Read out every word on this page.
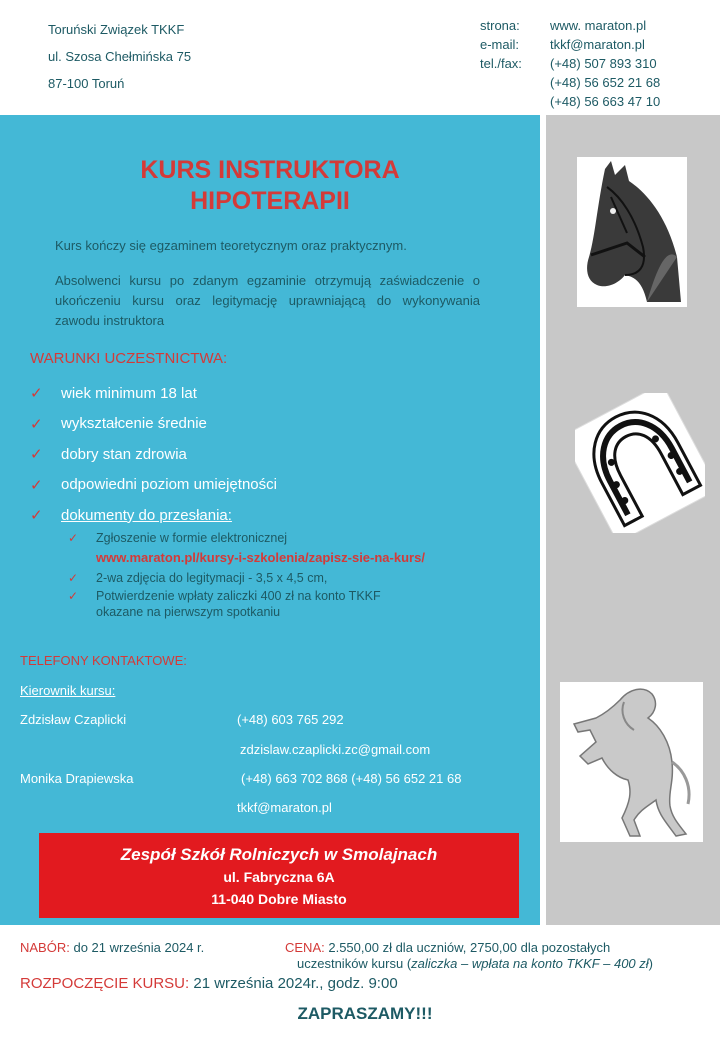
Toruński Związek TKKF
ul. Szosa Chełmińska 75
87-100 Toruń
strona:	www. maraton.pl
e-mail:	tkkf@maraton.pl
tel./fax:	(+48) 507 893 310
(+48) 56 652 21 68
(+48) 56 663 47 10
KURS INSTRUKTORA
HIPOTERAPII
Kurs kończy się egzaminem teoretycznym oraz praktycznym.
Absolwenci kursu po zdanym egzaminie otrzymują zaświadczenie o ukończeniu kursu oraz legitymację uprawniającą do wykonywania zawodu instruktora
WARUNKI UCZESTNICTWA:
✓	wiek minimum 18 lat
✓	wykształcenie średnie
✓	dobry stan zdrowia
✓	odpowiedni poziom umiejętności
✓	dokumenty do przesłania:
✓	Zgłoszenie w formie elektronicznej
www.maraton.pl/kursy-i-szkolenia/zapisz-sie-na-kurs/
✓	2-wa zdjęcia do legitymacji - 3,5 x 4,5 cm,
✓	Potwierdzenie wpłaty zaliczki 400 zł na konto TKKF
okazane na pierwszym spotkaniu
TELEFONY KONTAKTOWE:
Kierownik kursu:
Zdzisław Czaplicki	(+48) 603 765 292
zdzislaw.czaplicki.zc@gmail.com
Monika Drapiewska	(+48) 663 702 868 (+48) 56 652 21 68
tkkf@maraton.pl
Zespół Szkół Rolniczych w Smolajnach
ul. Fabryczna 6A
11-040 Dobre Miasto
NABÓR: do 21 września 2024 r.	CENA: 2.550,00 zł dla uczniów, 2750,00 dla pozostałych
uczestników kursu (zaliczka – wpłata na konto TKKF – 400 zł)
ROZPOCZĘCIE KURSU: 21 września 2024r., godz. 9:00
ZAPRASZAMY!!!
